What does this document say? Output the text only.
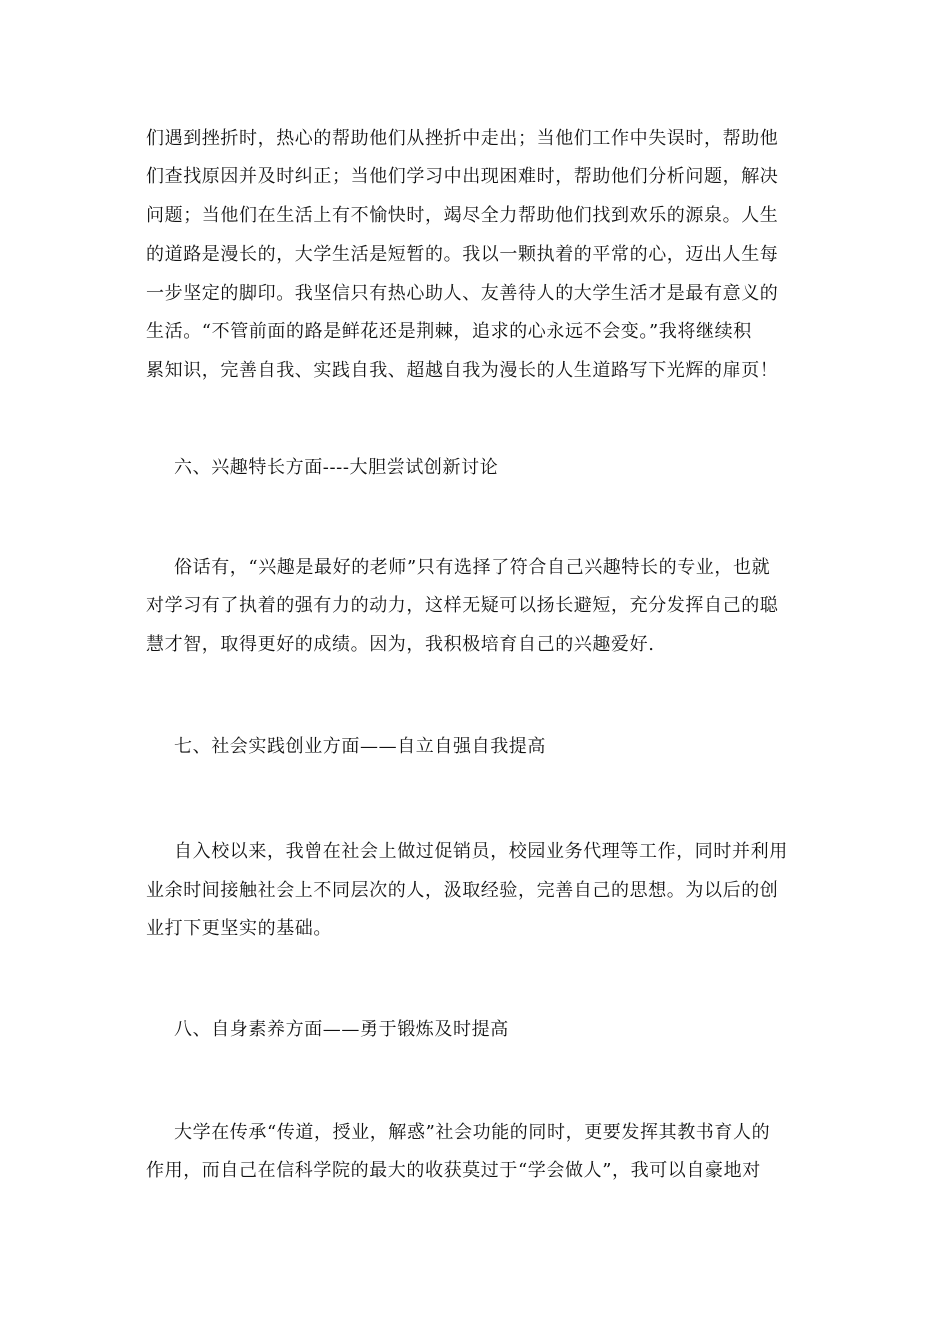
们遇到挫折时，热心的帮助他们从挫折中走出；当他们工作中失误时，帮助他
们查找原因并及时纠正；当他们学习中出现困难时，帮助他们分析问题，解决
问题；当他们在生活上有不愉快时，竭尽全力帮助他们找到欢乐的源泉。人生
的道路是漫长的，大学生活是短暂的。我以一颗执着的平常的心，迈出人生每
一步坚定的脚印。我坚信只有热心助人、友善待人的大学生活才是最有意义的
生活。“不管前面的路是鲜花还是荆棘，追求的心永远不会变。”我将继续积
累知识，完善自我、实践自我、超越自我为漫长的人生道路写下光辉的扉页！
六、兴趣特长方面----大胆尝试创新讨论
俗话有，“兴趣是最好的老师”只有选择了符合自己兴趣特长的专业，也就
对学习有了执着的强有力的动力，这样无疑可以扬长避短，充分发挥自己的聪
慧才智，取得更好的成绩。因为，我积极培育自己的兴趣爱好.
七、社会实践创业方面——自立自强自我提高
自入校以来，我曾在社会上做过促销员，校园业务代理等工作，同时并利用
业余时间接触社会上不同层次的人，汲取经验，完善自己的思想。为以后的创
业打下更坚实的基础。
八、自身素养方面——勇于锻炼及时提高
大学在传承“传道，授业，解惑”社会功能的同时，更要发挥其教书育人的
作用，而自己在信科学院的最大的收获莫过于“学会做人”，我可以自豪地对
